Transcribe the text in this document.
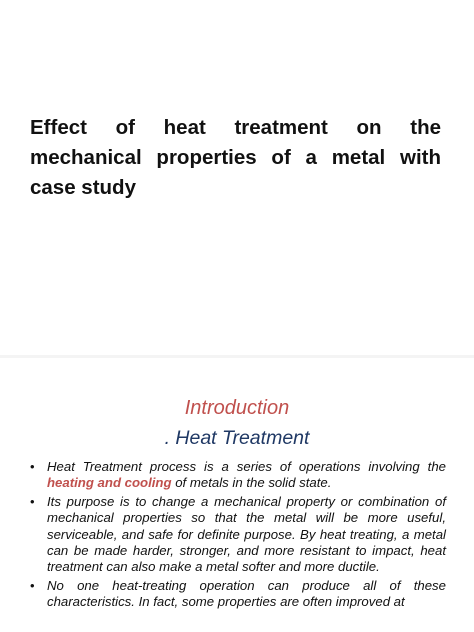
Effect of heat treatment on the mechanical properties of a metal with case study
Introduction
. Heat Treatment
• Heat Treatment process is a series of operations involving the heating and cooling of metals in the solid state.
• Its purpose is to change a mechanical property or combination of mechanical properties so that the metal will be more useful, serviceable, and safe for definite purpose. By heat treating, a metal can be made harder, stronger, and more resistant to impact, heat treatment can also make a metal softer and more ductile.
• No one heat-treating operation can produce all of these characteristics. In fact, some properties are often improved at
